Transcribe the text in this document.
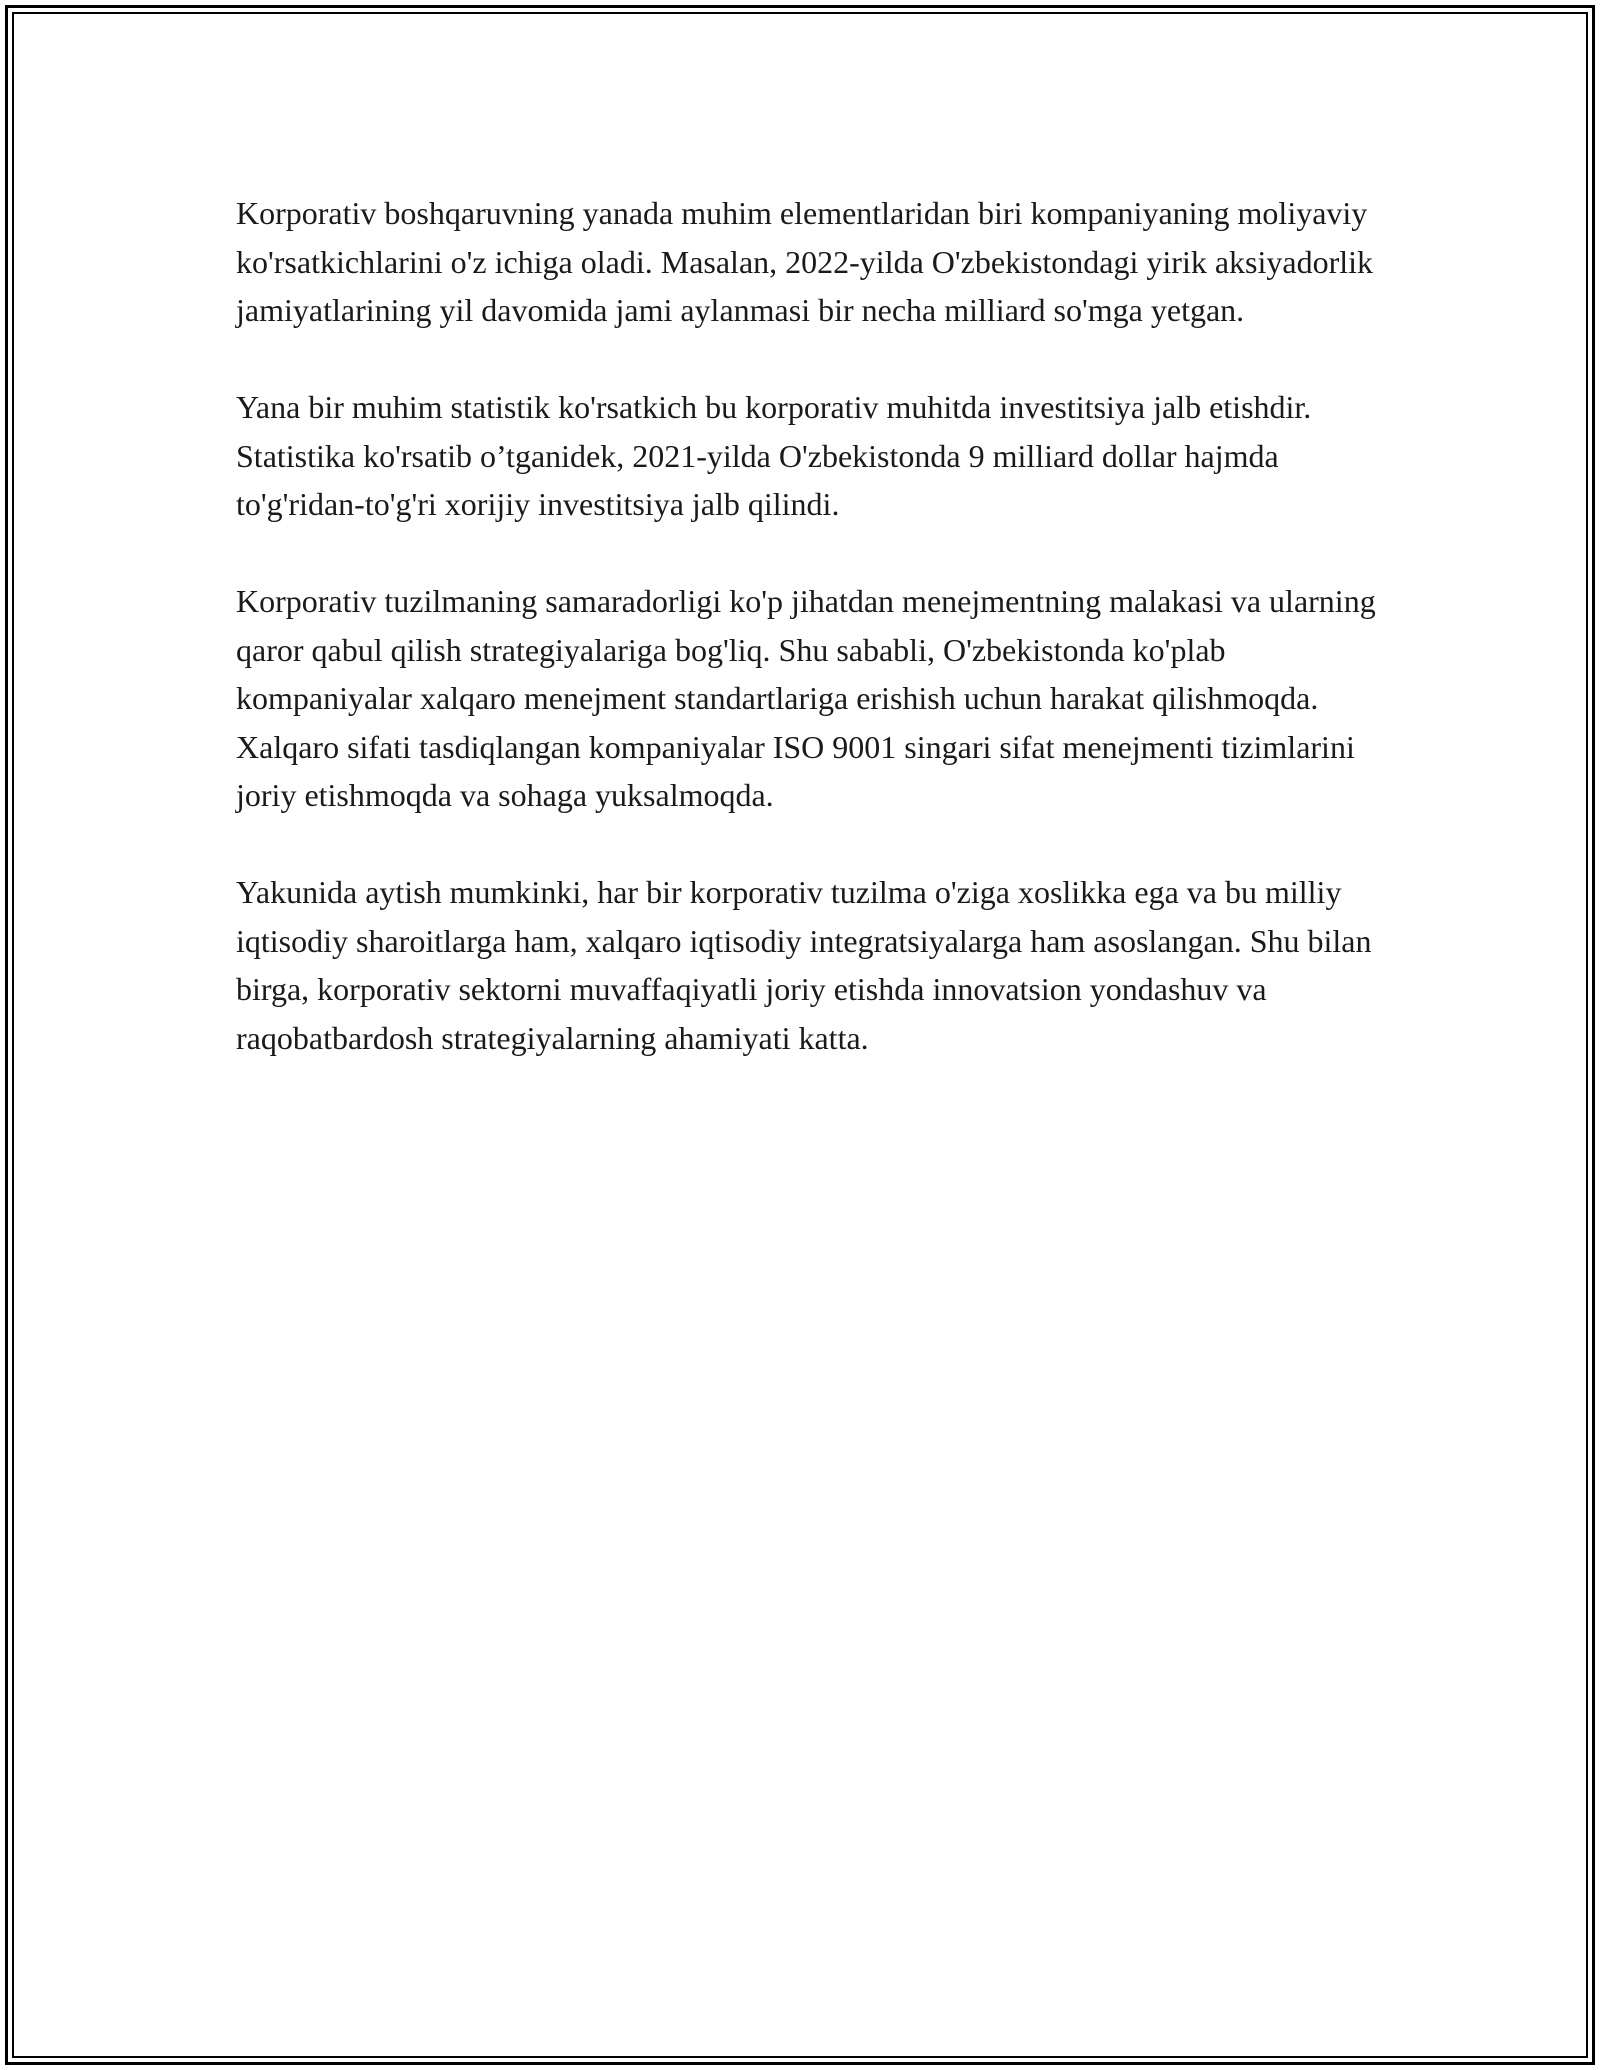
Korporativ boshqaruvning yanada muhim elementlaridan biri kompaniyaning moliyaviy ko'rsatkichlarini o'z ichiga oladi. Masalan, 2022-yilda O'zbekistondagi yirik aksiyadorlik jamiyatlarining yil davomida jami aylanmasi bir necha milliard so'mga yetgan.

Yana bir muhim statistik ko'rsatkich bu korporativ muhitda investitsiya jalb etishdir. Statistika ko'rsatib o’tganidek, 2021-yilda O'zbekistonda 9 milliard dollar hajmda to'g'ridan-to'g'ri xorijiy investitsiya jalb qilindi.

Korporativ tuzilmaning samaradorligi ko'p jihatdan menejmentning malakasi va ularning qaror qabul qilish strategiyalariga bog'liq. Shu sababli, O'zbekistonda ko'plab kompaniyalar xalqaro menejment standartlariga erishish uchun harakat qilishmoqda. Xalqaro sifati tasdiqlangan kompaniyalar ISO 9001 singari sifat menejmenti tizimlarini joriy etishmoqda va sohaga yuksalmoqda.

Yakunida aytish mumkinki, har bir korporativ tuzilma o'ziga xoslikka ega va bu milliy iqtisodiy sharoitlarga ham, xalqaro iqtisodiy integratsiyalarga ham asoslangan. Shu bilan birga, korporativ sektorni muvaffaqiyatli joriy etishda innovatsion yondashuv va raqobatbardosh strategiyalarning ahamiyati katta.
